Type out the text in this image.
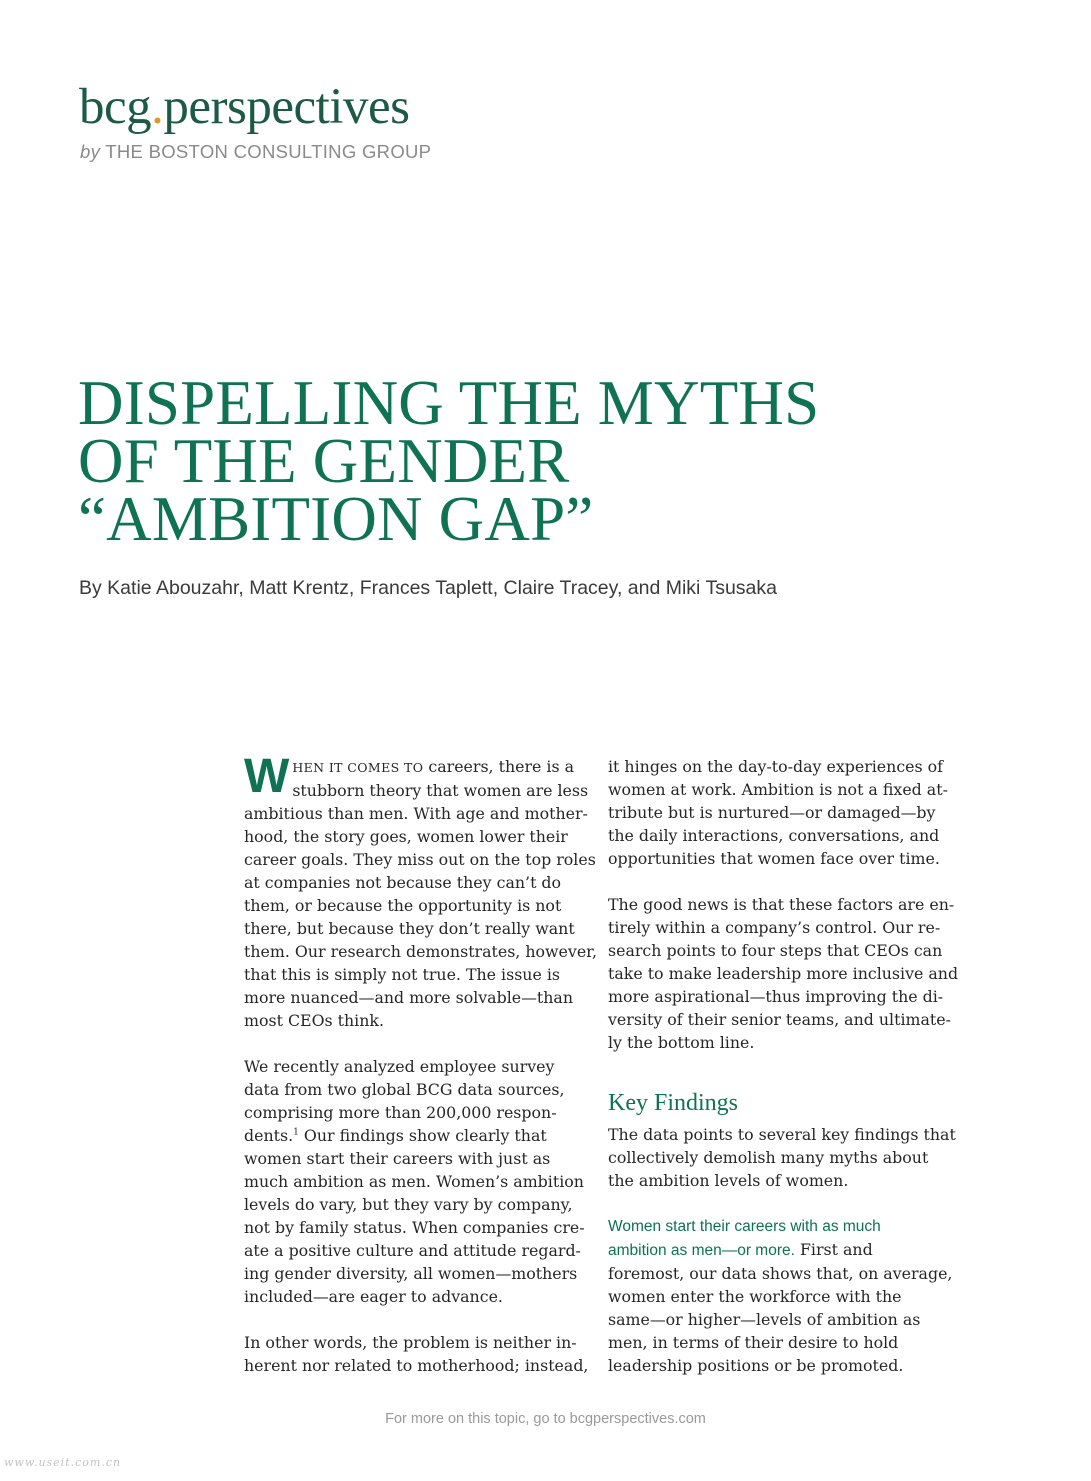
bcg.perspectives
by THE BOSTON CONSULTING GROUP
DISPELLING THE MYTHS
OF THE GENDER
“AMBITION GAP”
By Katie Abouzahr, Matt Krentz, Frances Taplett, Claire Tracey, and Miki Tsusaka

W HEN IT COMES TO careers, there is a
stubborn theory that women are less
ambitious than men. With age and mother-
hood, the story goes, women lower their
career goals. They miss out on the top roles
at companies not because they can’t do
them, or because the opportunity is not
there, but because they don’t really want
them. Our research demonstrates, however,
that this is simply not true. The issue is
more nuanced—and more solvable—than
most CEOs think.

We recently analyzed employee survey
data from two global BCG data sources,
comprising more than 200,000 respon-
dents.$^1$ Our findings show clearly that
women start their careers with just as
much ambition as men. Women’s ambition
levels do vary, but they vary by company,
not by family status. When companies cre-
ate a positive culture and attitude regard-
ing gender diversity, all women—mothers
included—are eager to advance.

In other words, the problem is neither in-
herent nor related to motherhood; instead,

it hinges on the day-to-day experiences of
women at work. Ambition is not a fixed at-
tribute but is nurtured—or damaged—by
the daily interactions, conversations, and
opportunities that women face over time.

The good news is that these factors are en-
tirely within a company’s control. Our re-
search points to four steps that CEOs can
take to make leadership more inclusive and
more aspirational—thus improving the di-
versity of their senior teams, and ultimate-
ly the bottom line.

Key Findings

The data points to several key findings that
collectively demolish many myths about
the ambition levels of women.

Women start their careers with as much
ambition as men—or more. First and
foremost, our data shows that, on average,
women enter the workforce with the
same—or higher—levels of ambition as
men, in terms of their desire to hold
leadership positions or be promoted.

For more on this topic, go to bcgperspectives.com
www.useit.com.cn
